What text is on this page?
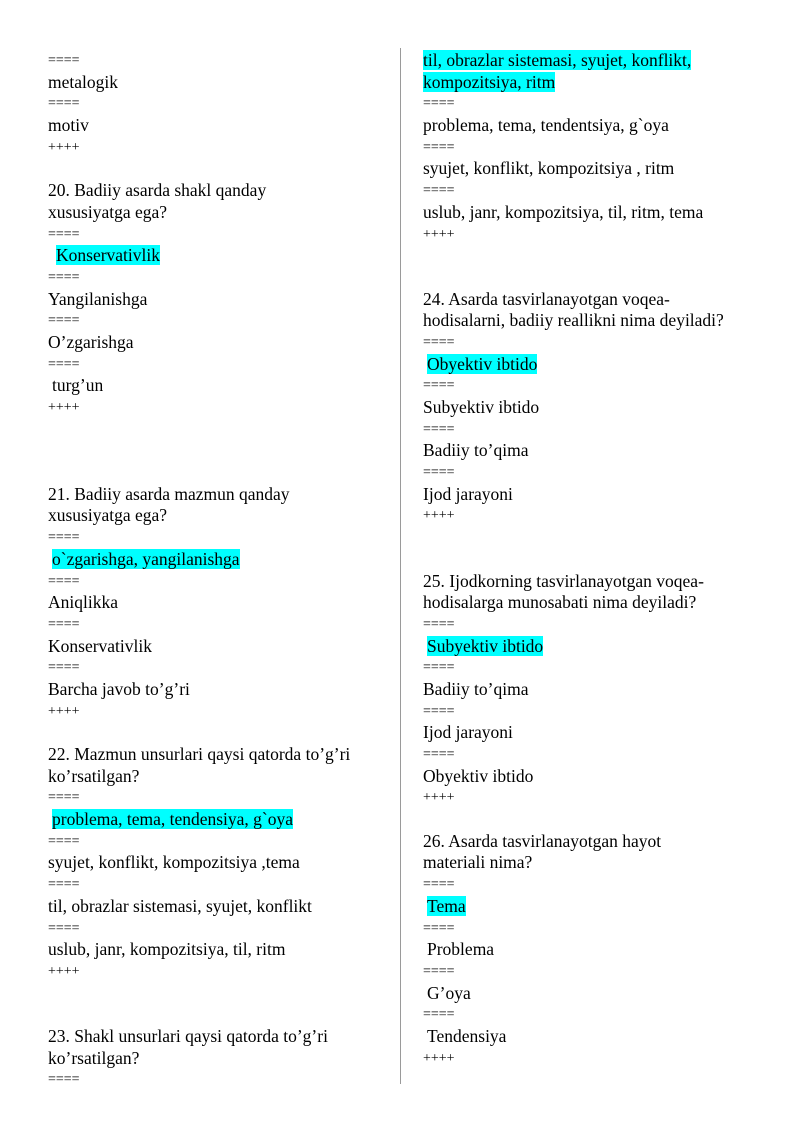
====
metalogik
====
motiv
++++
20. Badiiy asarda shakl qanday
xususiyatga ega?
====
Konservativlik
====
Yangilanishga
====
O’zgarishga
====
turg’un
++++
21. Badiiy asarda mazmun qanday
xususiyatga ega?
====
o`zgarishga, yangilanishga
====
Aniqlikka
====
Konservativlik
====
Barcha javob to’g’ri
++++
22. Mazmun unsurlari qaysi qatorda to’g’ri
ko’rsatilgan?
====
problema, tema, tendensiya, g`oya
====
syujet, konflikt, kompozitsiya ,tema
====
til, obrazlar sistemasi, syujet, konflikt
====
uslub, janr, kompozitsiya, til, ritm
++++
23. Shakl unsurlari qaysi qatorda to’g’ri
ko’rsatilgan?
====
til, obrazlar sistemasi, syujet, konflikt,
kompozitsiya, ritm
====
problema, tema, tendentsiya, g`oya
====
syujet, konflikt, kompozitsiya , ritm
====
uslub, janr, kompozitsiya, til, ritm, tema
++++
24. Asarda tasvirlanayotgan voqea-
hodisalarni, badiiy reallikni nima deyiladi?
====
Obyektiv ibtido
====
Subyektiv ibtido
====
Badiiy to’qima
====
Ijod jarayoni
++++
25. Ijodkorning tasvirlanayotgan voqea-
hodisalarga munosabati nima deyiladi?
====
Subyektiv ibtido
====
Badiiy to’qima
====
Ijod jarayoni
====
Obyektiv ibtido
++++
26. Asarda tasvirlanayotgan hayot
materiali nima?
====
Tema
====
Problema
====
G’oya
====
Tendensiya
++++
